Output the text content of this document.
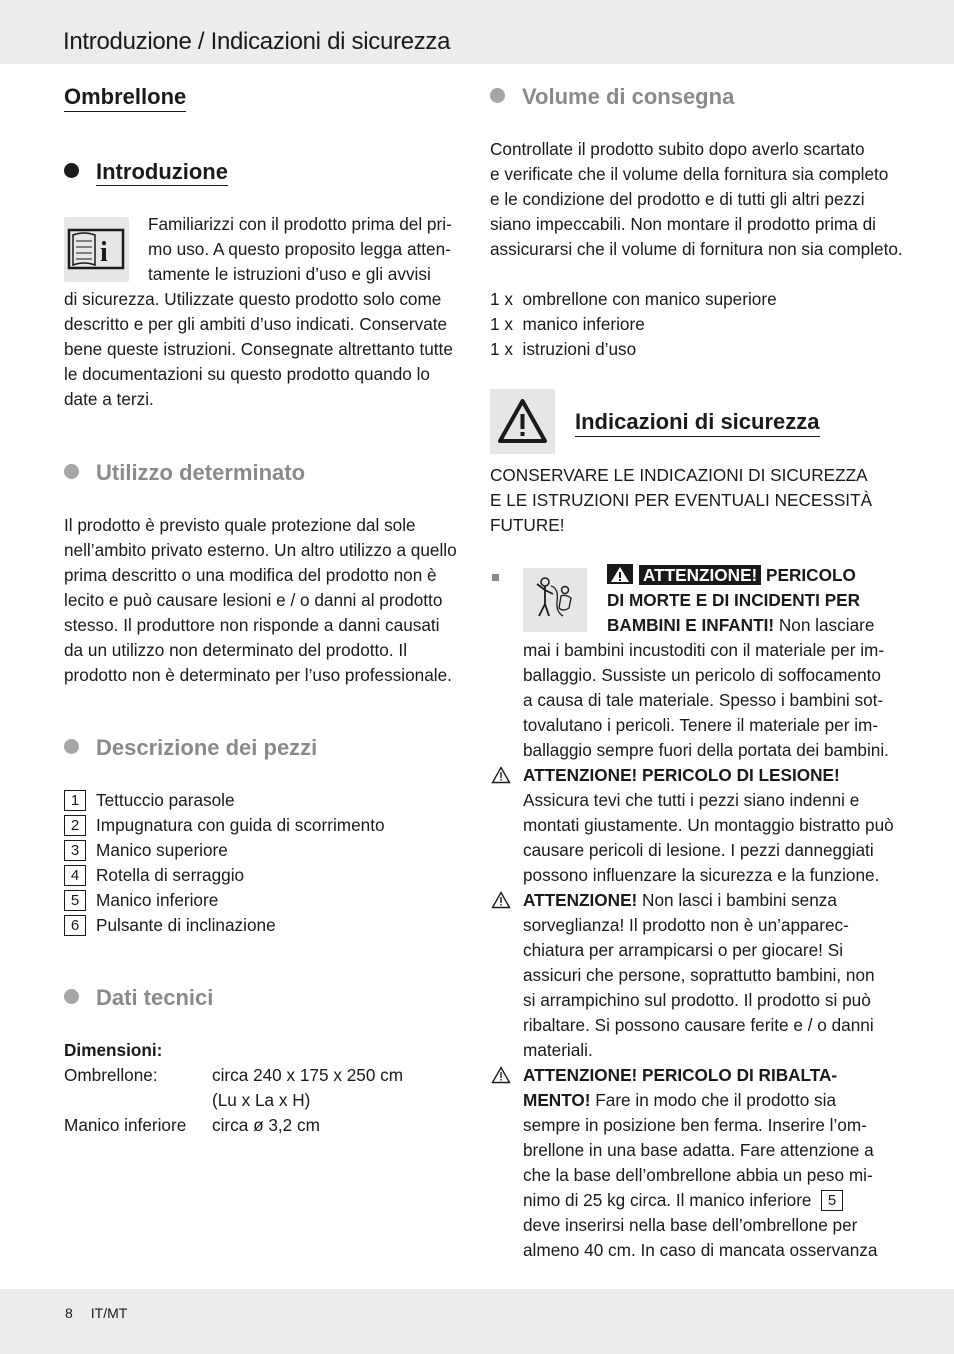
Introduzione / Indicazioni di sicurezza
Ombrellone
Introduzione
i
Familiarizzi con il prodotto prima del pri-
mo uso. A questo proposito legga atten-
tamente le istruzioni d’uso e gli avvisi
di sicurezza. Utilizzate questo prodotto solo come
descritto e per gli ambiti d’uso indicati. Conservate
bene queste istruzioni. Consegnate altrettanto tutte
le documentazioni su questo prodotto quando lo
date a terzi.
Utilizzo determinato
Il prodotto è previsto quale protezione dal sole
nell’ambito privato esterno. Un altro utilizzo a quello
prima descritto o una modifica del prodotto non è
lecito e può causare lesioni e / o danni al prodotto
stesso. Il produttore non risponde a danni causati
da un utilizzo non determinato del prodotto. Il
prodotto non è determinato per l’uso professionale.
Descrizione dei pezzi
1 Tettuccio parasole
2 Impugnatura con guida di scorrimento
3 Manico superiore
4 Rotella di serraggio
5 Manico inferiore
6 Pulsante di inclinazione
Dati tecnici
Dimensioni:
Ombrellone:	circa 240 x 175 x 250 cm
(Lu x La x H)
Manico inferiore circa ø 3,2 cm
Volume di consegna
Controllate il prodotto subito dopo averlo scartato
e verificate che il volume della fornitura sia completo
e le condizione del prodotto e di tutti gli altri pezzi
siano impeccabili. Non montare il prodotto prima di
assicurarsi che il volume di fornitura non sia completo.
1 x ombrellone con manico superiore
1 x manico inferiore
1 x istruzioni d’uso
Indicazioni di sicurezza
CONSERVARE LE INDICAZIONI DI SICUREZZA
E LE ISTRUZIONI PER EVENTUALI NECESSITÀ
FUTURE!
ATTENZIONE! PERICOLO
DI MORTE E DI INCIDENTI PER
BAMBINI E INFANTI! Non lasciare
mai i bambini incustoditi con il materiale per im-
ballaggio. Sussiste un pericolo di soffocamento
a causa di tale materiale. Spesso i bambini sot-
tovalutano i pericoli. Tenere il materiale per im-
ballaggio sempre fuori della portata dei bambini.
ATTENZIONE! PERICOLO DI LESIONE!
Assicura tevi che tutti i pezzi siano indenni e
montati giustamente. Un montaggio bistratto può
causare pericoli di lesione. I pezzi danneggiati
possono influenzare la sicurezza e la funzione.
ATTENZIONE! Non lasci i bambini senza
sorveglianza! Il prodotto non è un’apparec-
chiatura per arrampicarsi o per giocare! Si
assicuri che persone, soprattutto bambini, non
si arrampichino sul prodotto. Il prodotto si può
ribaltare. Si possono causare ferite e / o danni
materiali.
ATTENZIONE! PERICOLO DI RIBALTA-
MENTO! Fare in modo che il prodotto sia
sempre in posizione ben ferma. Inserire l’om-
brellone in una base adatta. Fare attenzione a
che la base dell’ombrellone abbia un peso mi-
nimo di 25 kg circa. Il manico inferiore 5
deve inserirsi nella base dell’ombrellone per
almeno 40 cm. In caso di mancata osservanza
8 IT/MT
